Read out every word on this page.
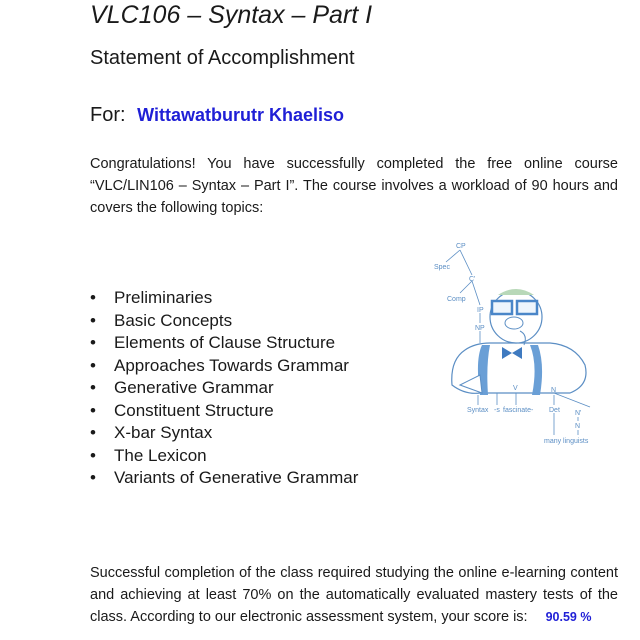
VLC106 – Syntax – Part I
Statement of Accomplishment
For: Wittawatburutr Khaeliso
Congratulations! You have successfully completed the free online course “VLC/LIN106 – Syntax – Part I”. The course involves a workload of 90 hours and covers the following topics:
• Preliminaries
• Basic Concepts
• Elements of Clause Structure
• Approaches Towards Grammar
• Generative Grammar
• Constituent Structure
• X-bar Syntax
• The Lexicon
• Variants of Generative Grammar
CP
Spec
C'
Comp
IP
NP
V	N
N'
N
Syntax -s fascinate- Det
many linguists
Successful completion of the class required studying the online e-learning content and achieving at least 70% on the automatically evaluated mastery tests of the class. According to our electronic assessment system, your score is: 90.59 %
